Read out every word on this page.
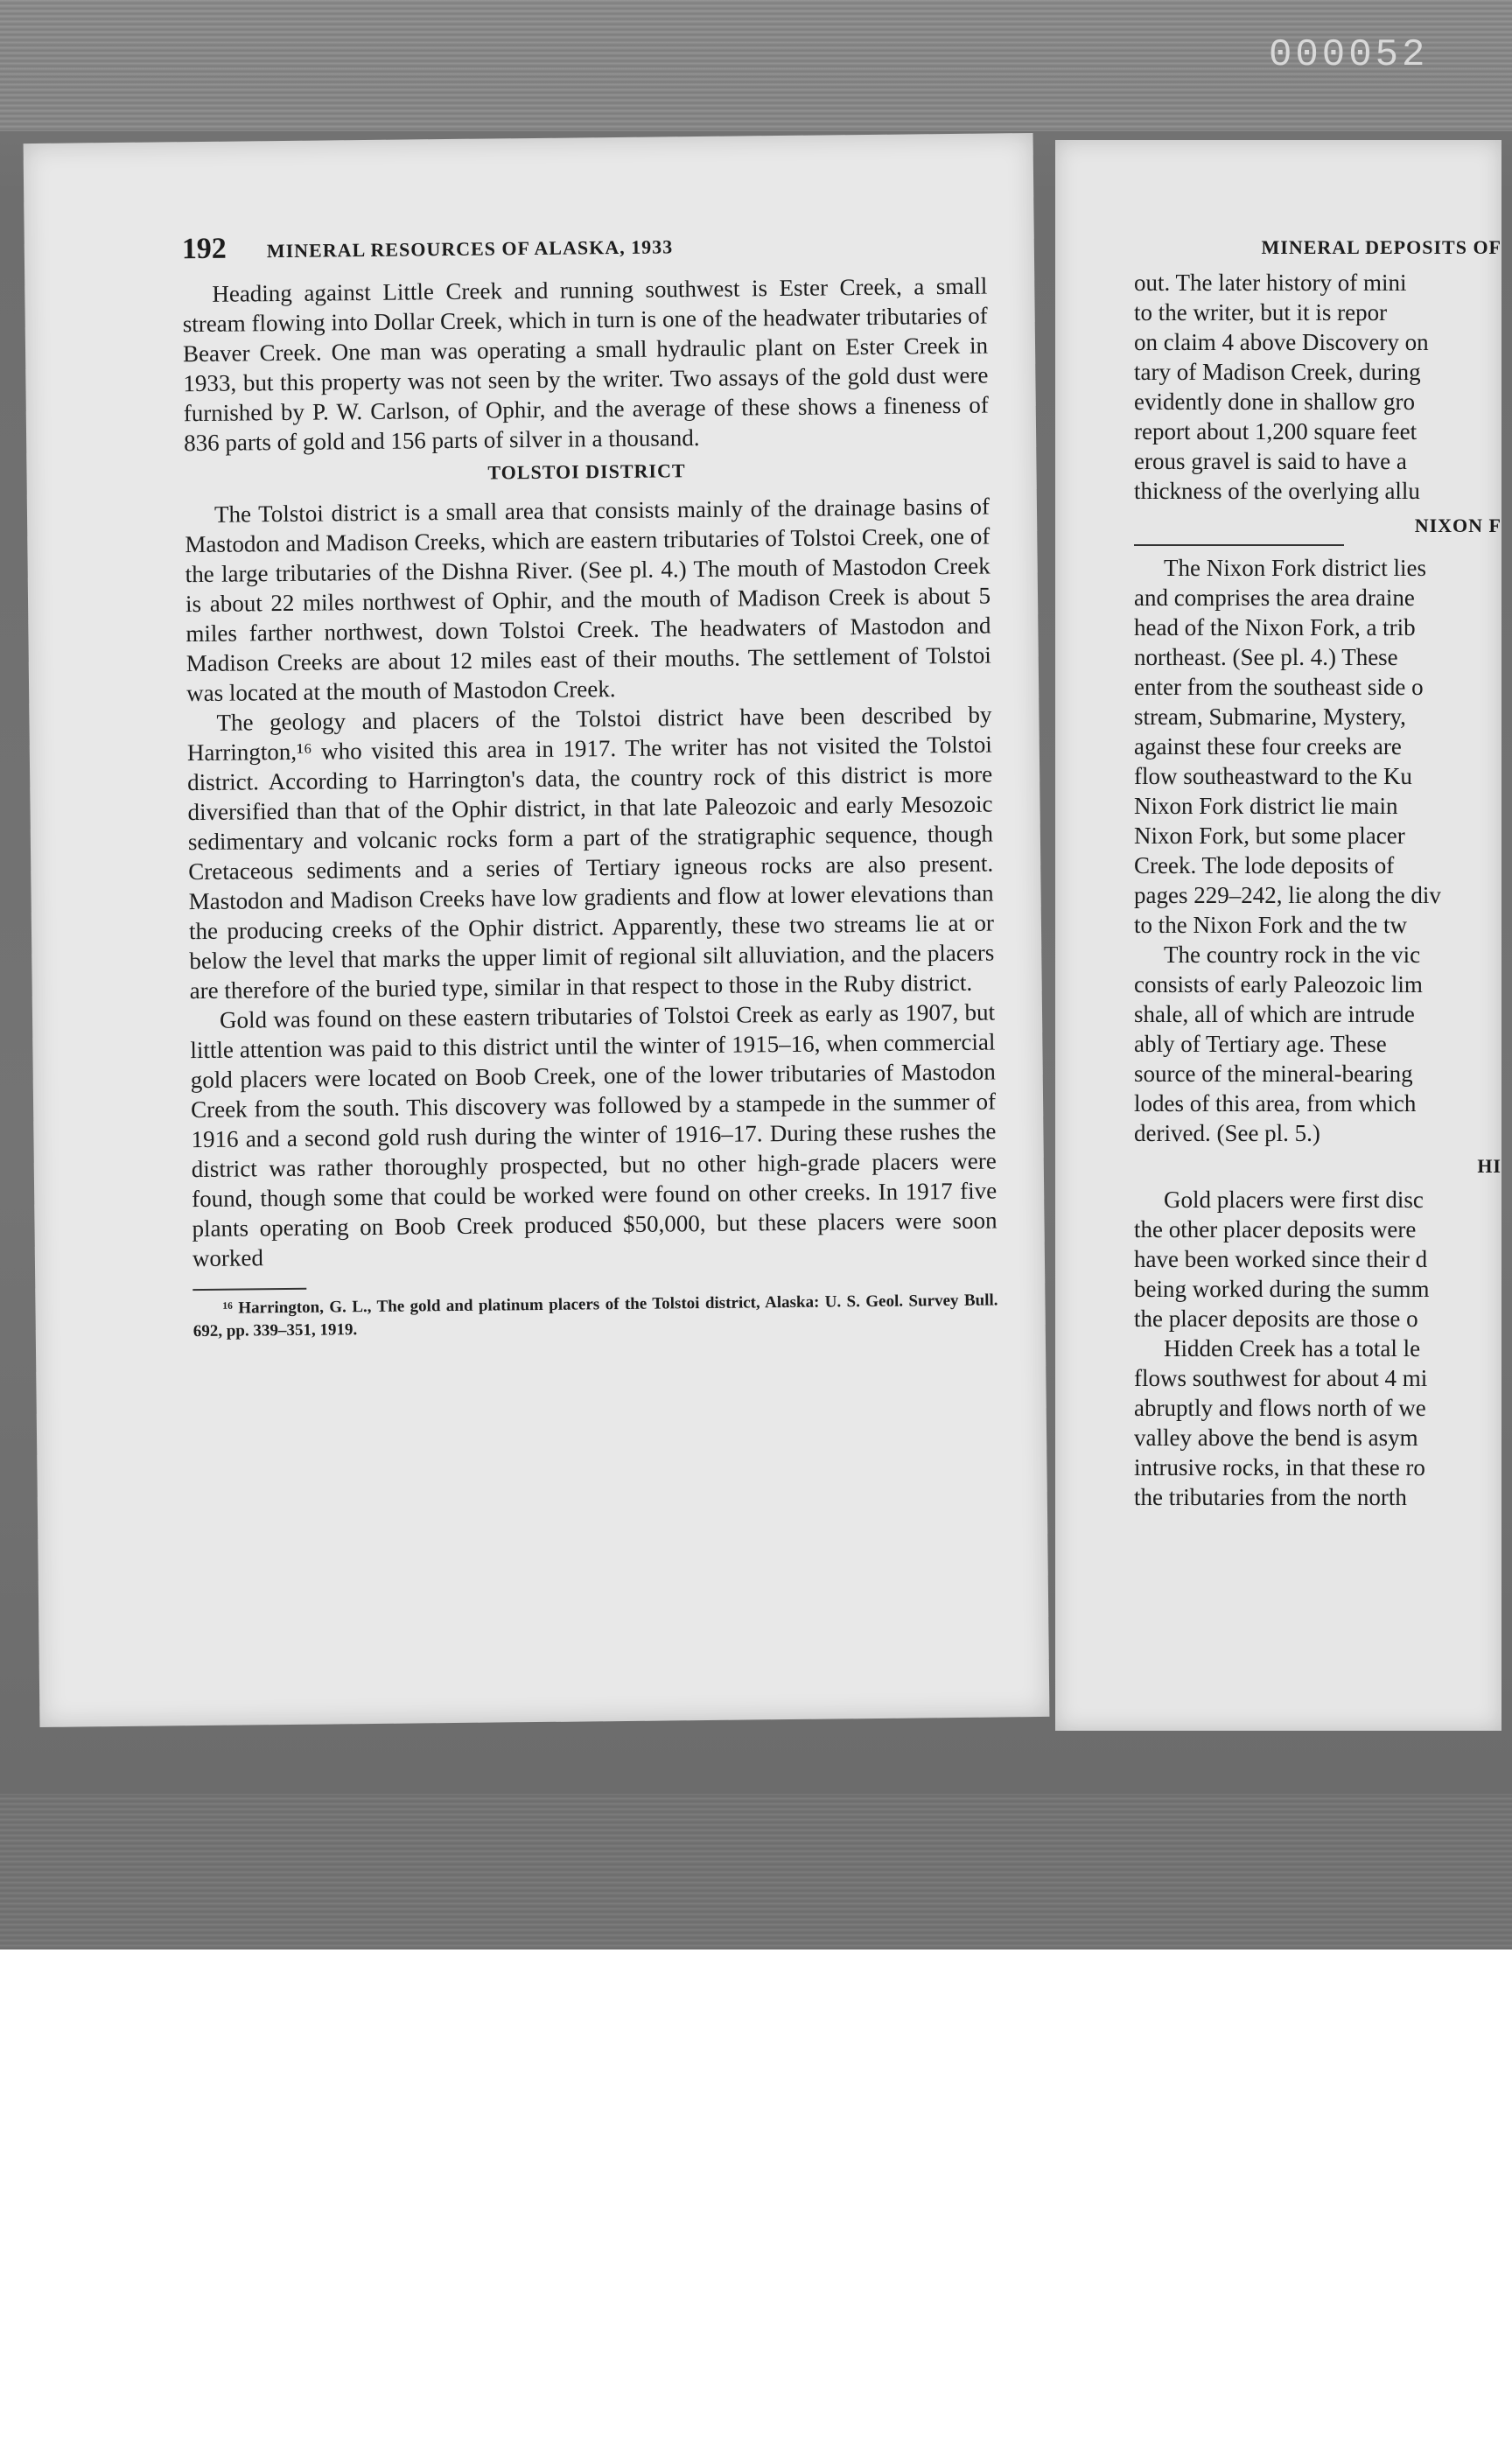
000052
192 MINERAL RESOURCES OF ALASKA, 1933

Heading against Little Creek and running southwest is Ester Creek, a small stream flowing into Dollar Creek, which in turn is one of the headwater tributaries of Beaver Creek. One man was operating a small hydraulic plant on Ester Creek in 1933, but this property was not seen by the writer. Two assays of the gold dust were furnished by P. W. Carlson, of Ophir, and the average of these shows a fineness of 836 parts of gold and 156 parts of silver in a thousand.

TOLSTOI DISTRICT

The Tolstoi district is a small area that consists mainly of the drainage basins of Mastodon and Madison Creeks, which are eastern tributaries of Tolstoi Creek, one of the large tributaries of the Dishna River. (See pl. 4.) The mouth of Mastodon Creek is about 22 miles northwest of Ophir, and the mouth of Madison Creek is about 5 miles farther northwest, down Tolstoi Creek. The headwaters of Mastodon and Madison Creeks are about 12 miles east of their mouths. The settlement of Tolstoi was located at the mouth of Mastodon Creek.

The geology and placers of the Tolstoi district have been described by Harrington,¹⁶ who visited this area in 1917. The writer has not visited the Tolstoi district. According to Harrington's data, the country rock of this district is more diversified than that of the Ophir district, in that late Paleozoic and early Mesozoic sedimentary and volcanic rocks form a part of the stratigraphic sequence, though Cretaceous sediments and a series of Tertiary igneous rocks are also present. Mastodon and Madison Creeks have low gradients and flow at lower elevations than the producing creeks of the Ophir district. Apparently, these two streams lie at or below the level that marks the upper limit of regional silt alluviation, and the placers are therefore of the buried type, similar in that respect to those in the Ruby district.

Gold was found on these eastern tributaries of Tolstoi Creek as early as 1907, but little attention was paid to this district until the winter of 1915–16, when commercial gold placers were located on Boob Creek, one of the lower tributaries of Mastodon Creek from the south. This discovery was followed by a stampede in the summer of 1916 and a second gold rush during the winter of 1916–17. During these rushes the district was rather thoroughly prospected, but no other high-grade placers were found, though some that could be worked were found on other creeks. In 1917 five plants operating on Boob Creek produced $50,000, but these placers were soon worked

¹⁶ Harrington, G. L., The gold and platinum placers of the Tolstoi district, Alaska: U. S. Geol. Survey Bull. 692, pp. 339–351, 1919.

MINERAL DEPOSITS OF
out. The later history of mini
to the writer, but it is repor
on claim 4 above Discovery on
tary of Madison Creek, during
evidently done in shallow gro
report about 1,200 square feet
erous gravel is said to have a
thickness of the overlying allu
NIXON F
The Nixon Fork district lies
and comprises the area draine
head of the Nixon Fork, a trib
northeast. (See pl. 4.) These
enter from the southeast side o
stream, Submarine, Mystery,
against these four creeks are
flow southeastward to the Ku
Nixon Fork district lie main
Nixon Fork, but some placer
Creek. The lode deposits of
pages 229–242, lie along the div
to the Nixon Fork and the tw
The country rock in the vic
consists of early Paleozoic lim
shale, all of which are intrude
ably of Tertiary age. These
source of the mineral-bearing
lodes of this area, from which
derived. (See pl. 5.)
HI
Gold placers were first disc
the other placer deposits were
have been worked since their d
being worked during the summ
the placer deposits are those o
Hidden Creek has a total le
flows southwest for about 4 mi
abruptly and flows north of we
valley above the bend is asym
intrusive rocks, in that these ro
the tributaries from the north
